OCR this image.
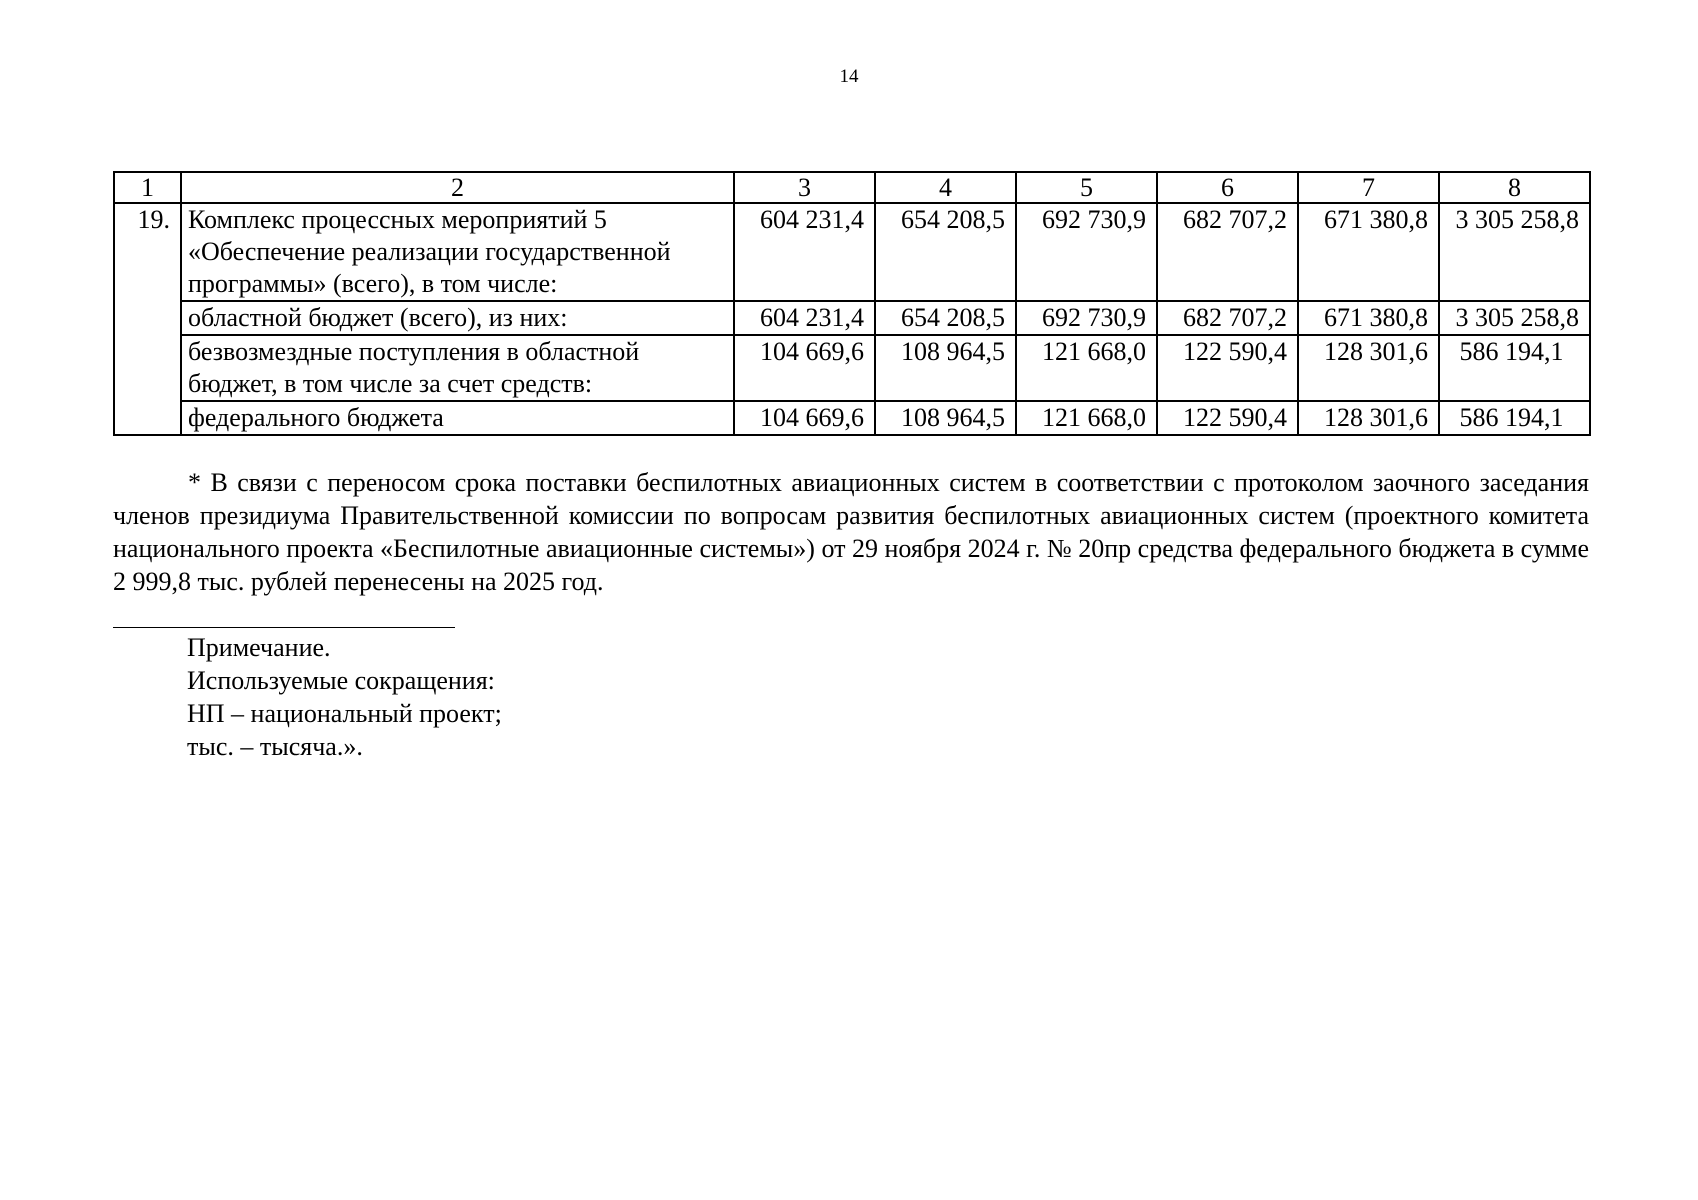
14
1	2	3	4	5	6	7	8
19.	Комплекс процессных мероприятий 5 «Обеспечение реализации государственной программы» (всего), в том числе:	604 231,4	654 208,5	692 730,9	682 707,2	671 380,8	3 305 258,8
	областной бюджет (всего), из них:	604 231,4	654 208,5	692 730,9	682 707,2	671 380,8	3 305 258,8
	безвозмездные поступления в областной бюджет, в том числе за счет средств:	104 669,6	108 964,5	121 668,0	122 590,4	128 301,6	586 194,1
	федерального бюджета	104 669,6	108 964,5	121 668,0	122 590,4	128 301,6	586 194,1
* В связи с переносом срока поставки беспилотных авиационных систем в соответствии с протоколом заочного заседания членов президиума Правительственной комиссии по вопросам развития беспилотных авиационных систем (проектного комитета национального проекта «Беспилотные авиационные системы») от 29 ноября 2024 г. № 20пр средства федерального бюджета в сумме 2 999,8 тыс. рублей перенесены на 2025 год.
Примечание.
Используемые сокращения:
НП – национальный проект;
тыс. – тысяча.».
